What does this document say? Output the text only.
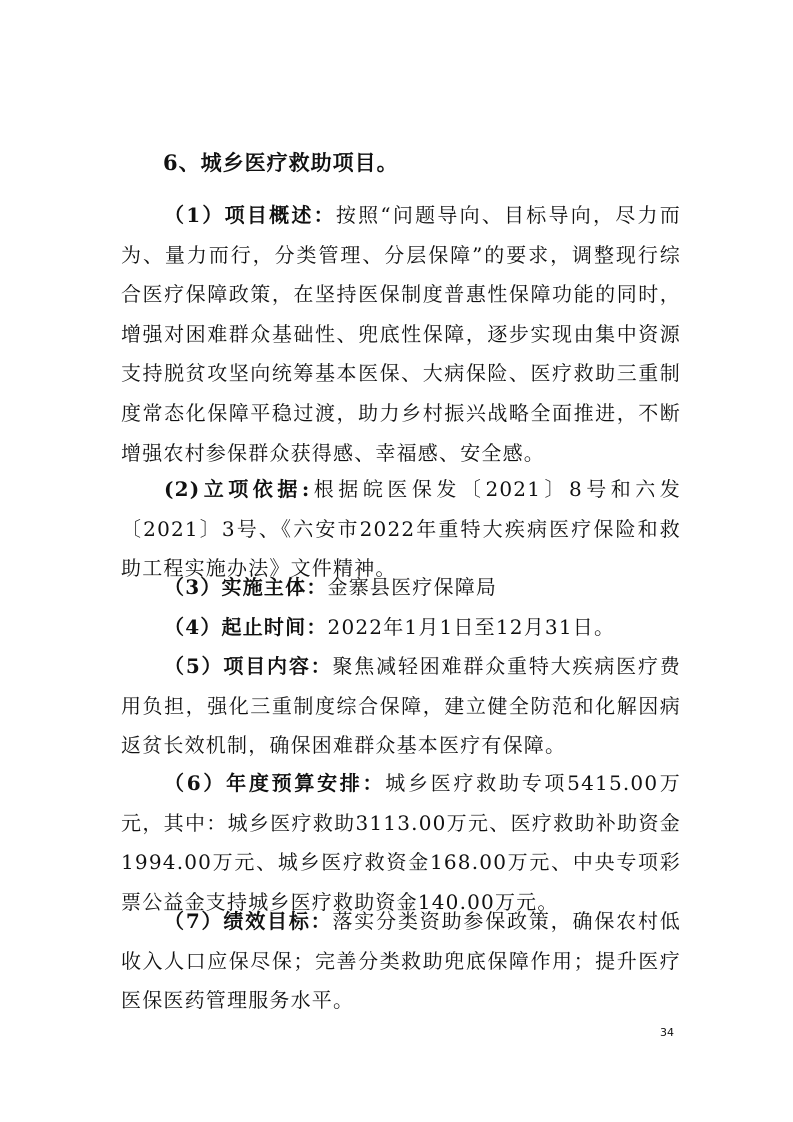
6、城乡医疗救助项目。

（1）项目概述：按照“问题导向、目标导向，尽力而为、量力而行，分类管理、分层保障”的要求，调整现行综合医疗保障政策，在坚持医保制度普惠性保障功能的同时，增强对困难群众基础性、兜底性保障，逐步实现由集中资源支持脱贫攻坚向统筹基本医保、大病保险、医疗救助三重制度常态化保障平稳过渡，助力乡村振兴战略全面推进，不断增强农村参保群众获得感、幸福感、安全感。

(2)立项依据:根据皖医保发〔2021〕8号和六发〔2021〕3号、《六安市2022年重特大疾病医疗保险和救助工程实施办法》文件精神。

（3）实施主体：金寨县医疗保障局

（4）起止时间：2022年1月1日至12月31日。

（5）项目内容：聚焦减轻困难群众重特大疾病医疗费用负担，强化三重制度综合保障，建立健全防范和化解因病返贫长效机制，确保困难群众基本医疗有保障。

（6）年度预算安排：城乡医疗救助专项5415.00万元，其中：城乡医疗救助3113.00万元、医疗救助补助资金1994.00万元、城乡医疗救资金168.00万元、中央专项彩票公益金支持城乡医疗救助资金140.00万元。

（7）绩效目标：落实分类资助参保政策，确保农村低收入人口应保尽保；完善分类救助兜底保障作用；提升医疗医保医药管理服务水平。

34
